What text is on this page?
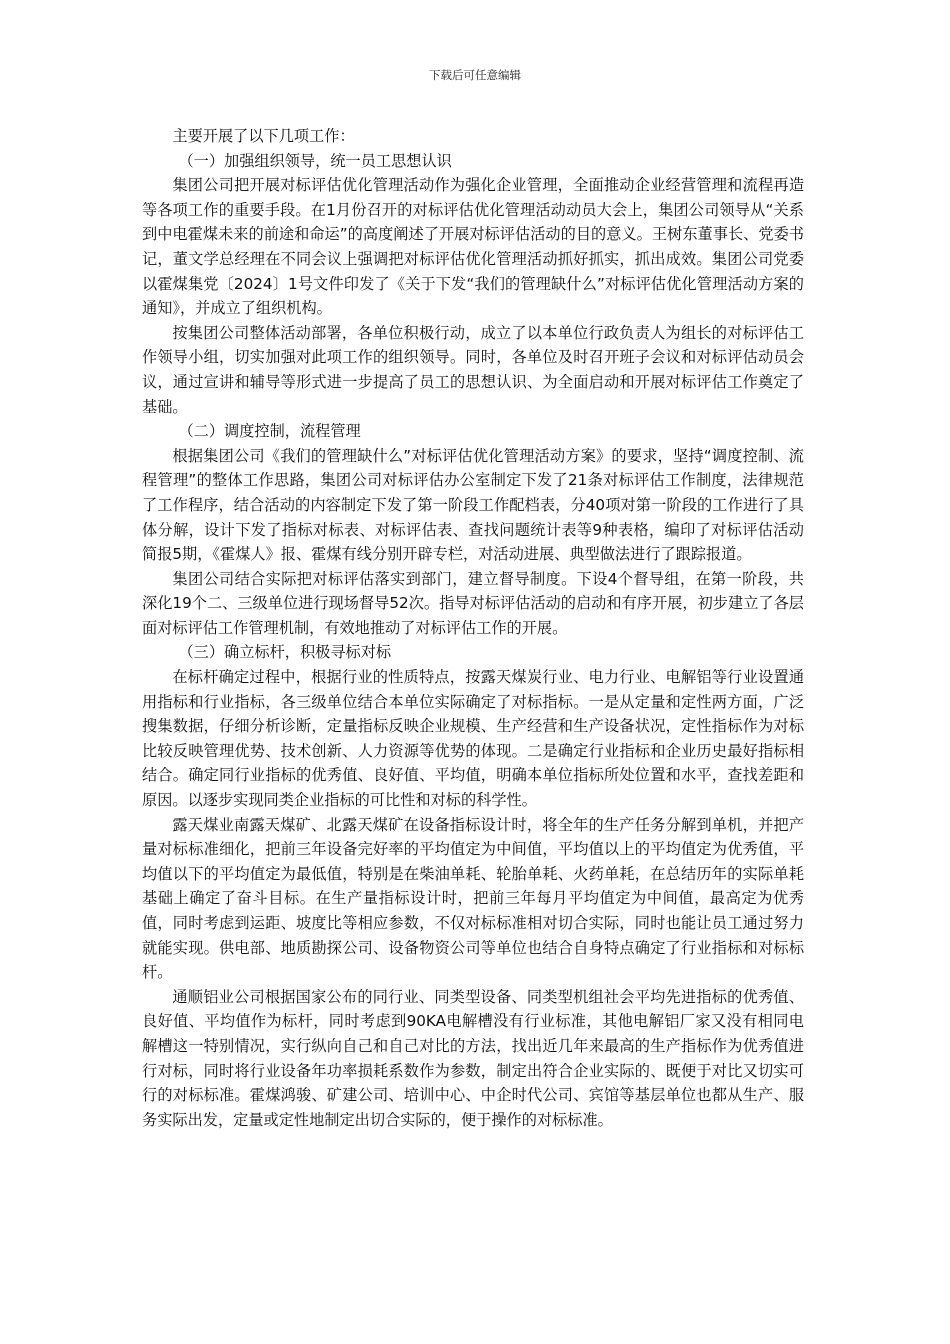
下载后可任意编辑

主要开展了以下几项工作：

（一）加强组织领导，统一员工思想认识

集团公司把开展对标评估优化管理活动作为强化企业管理，全面推动企业经营管理和流程再造等各项工作的重要手段。在1月份召开的对标评估优化管理活动动员大会上，集团公司领导从“关系到中电霍煤未来的前途和命运”的高度阐述了开展对标评估活动的目的意义。王树东董事长、党委书记，董文学总经理在不同会议上强调把对标评估优化管理活动抓好抓实，抓出成效。集团公司党委以霍煤集党〔2024〕1号文件印发了《关于下发“我们的管理缺什么”对标评估优化管理活动方案的通知》，并成立了组织机构。

按集团公司整体活动部署，各单位积极行动，成立了以本单位行政负责人为组长的对标评估工作领导小组，切实加强对此项工作的组织领导。同时，各单位及时召开班子会议和对标评估动员会议，通过宣讲和辅导等形式进一步提高了员工的思想认识、为全面启动和开展对标评估工作奠定了基础。

（二）调度控制，流程管理

根据集团公司《我们的管理缺什么”对标评估优化管理活动方案》的要求，坚持“调度控制、流程管理”的整体工作思路，集团公司对标评估办公室制定下发了21条对标评估工作制度，法律规范了工作程序，结合活动的内容制定下发了第一阶段工作配档表，分40项对第一阶段的工作进行了具体分解，设计下发了指标对标表、对标评估表、查找问题统计表等9种表格，编印了对标评估活动简报5期，《霍煤人》报、霍煤有线分别开辟专栏，对活动进展、典型做法进行了跟踪报道。

集团公司结合实际把对标评估落实到部门，建立督导制度。下设4个督导组，在第一阶段，共深化19个二、三级单位进行现场督导52次。指导对标评估活动的启动和有序开展，初步建立了各层面对标评估工作管理机制，有效地推动了对标评估工作的开展。

（三）确立标杆，积极寻标对标

在标杆确定过程中，根据行业的性质特点，按露天煤炭行业、电力行业、电解铝等行业设置通用指标和行业指标，各三级单位结合本单位实际确定了对标指标。一是从定量和定性两方面，广泛搜集数据，仔细分析诊断，定量指标反映企业规模、生产经营和生产设备状况，定性指标作为对标比较反映管理优势、技术创新、人力资源等优势的体现。二是确定行业指标和企业历史最好指标相结合。确定同行业指标的优秀值、良好值、平均值，明确本单位指标所处位置和水平，查找差距和原因。以逐步实现同类企业指标的可比性和对标的科学性。

露天煤业南露天煤矿、北露天煤矿在设备指标设计时，将全年的生产任务分解到单机，并把产量对标标准细化，把前三年设备完好率的平均值定为中间值，平均值以上的平均值定为优秀值，平均值以下的平均值定为最低值，特别是在柴油单耗、轮胎单耗、火药单耗，在总结历年的实际单耗基础上确定了奋斗目标。在生产量指标设计时，把前三年每月平均值定为中间值，最高定为优秀值，同时考虑到运距、坡度比等相应参数，不仅对标标准相对切合实际，同时也能让员工通过努力就能实现。供电部、地质勘探公司、设备物资公司等单位也结合自身特点确定了行业指标和对标标杆。

通顺铝业公司根据国家公布的同行业、同类型设备、同类型机组社会平均先进指标的优秀值、良好值、平均值作为标杆，同时考虑到90KA电解槽没有行业标准，其他电解铝厂家又没有相同电解槽这一特别情况，实行纵向自己和自己对比的方法，找出近几年来最高的生产指标作为优秀值进行对标，同时将行业设备年功率损耗系数作为参数，制定出符合企业实际的、既便于对比又切实可行的对标标准。霍煤鸿骏、矿建公司、培训中心、中企时代公司、宾馆等基层单位也都从生产、服务实际出发，定量或定性地制定出切合实际的，便于操作的对标标准。
